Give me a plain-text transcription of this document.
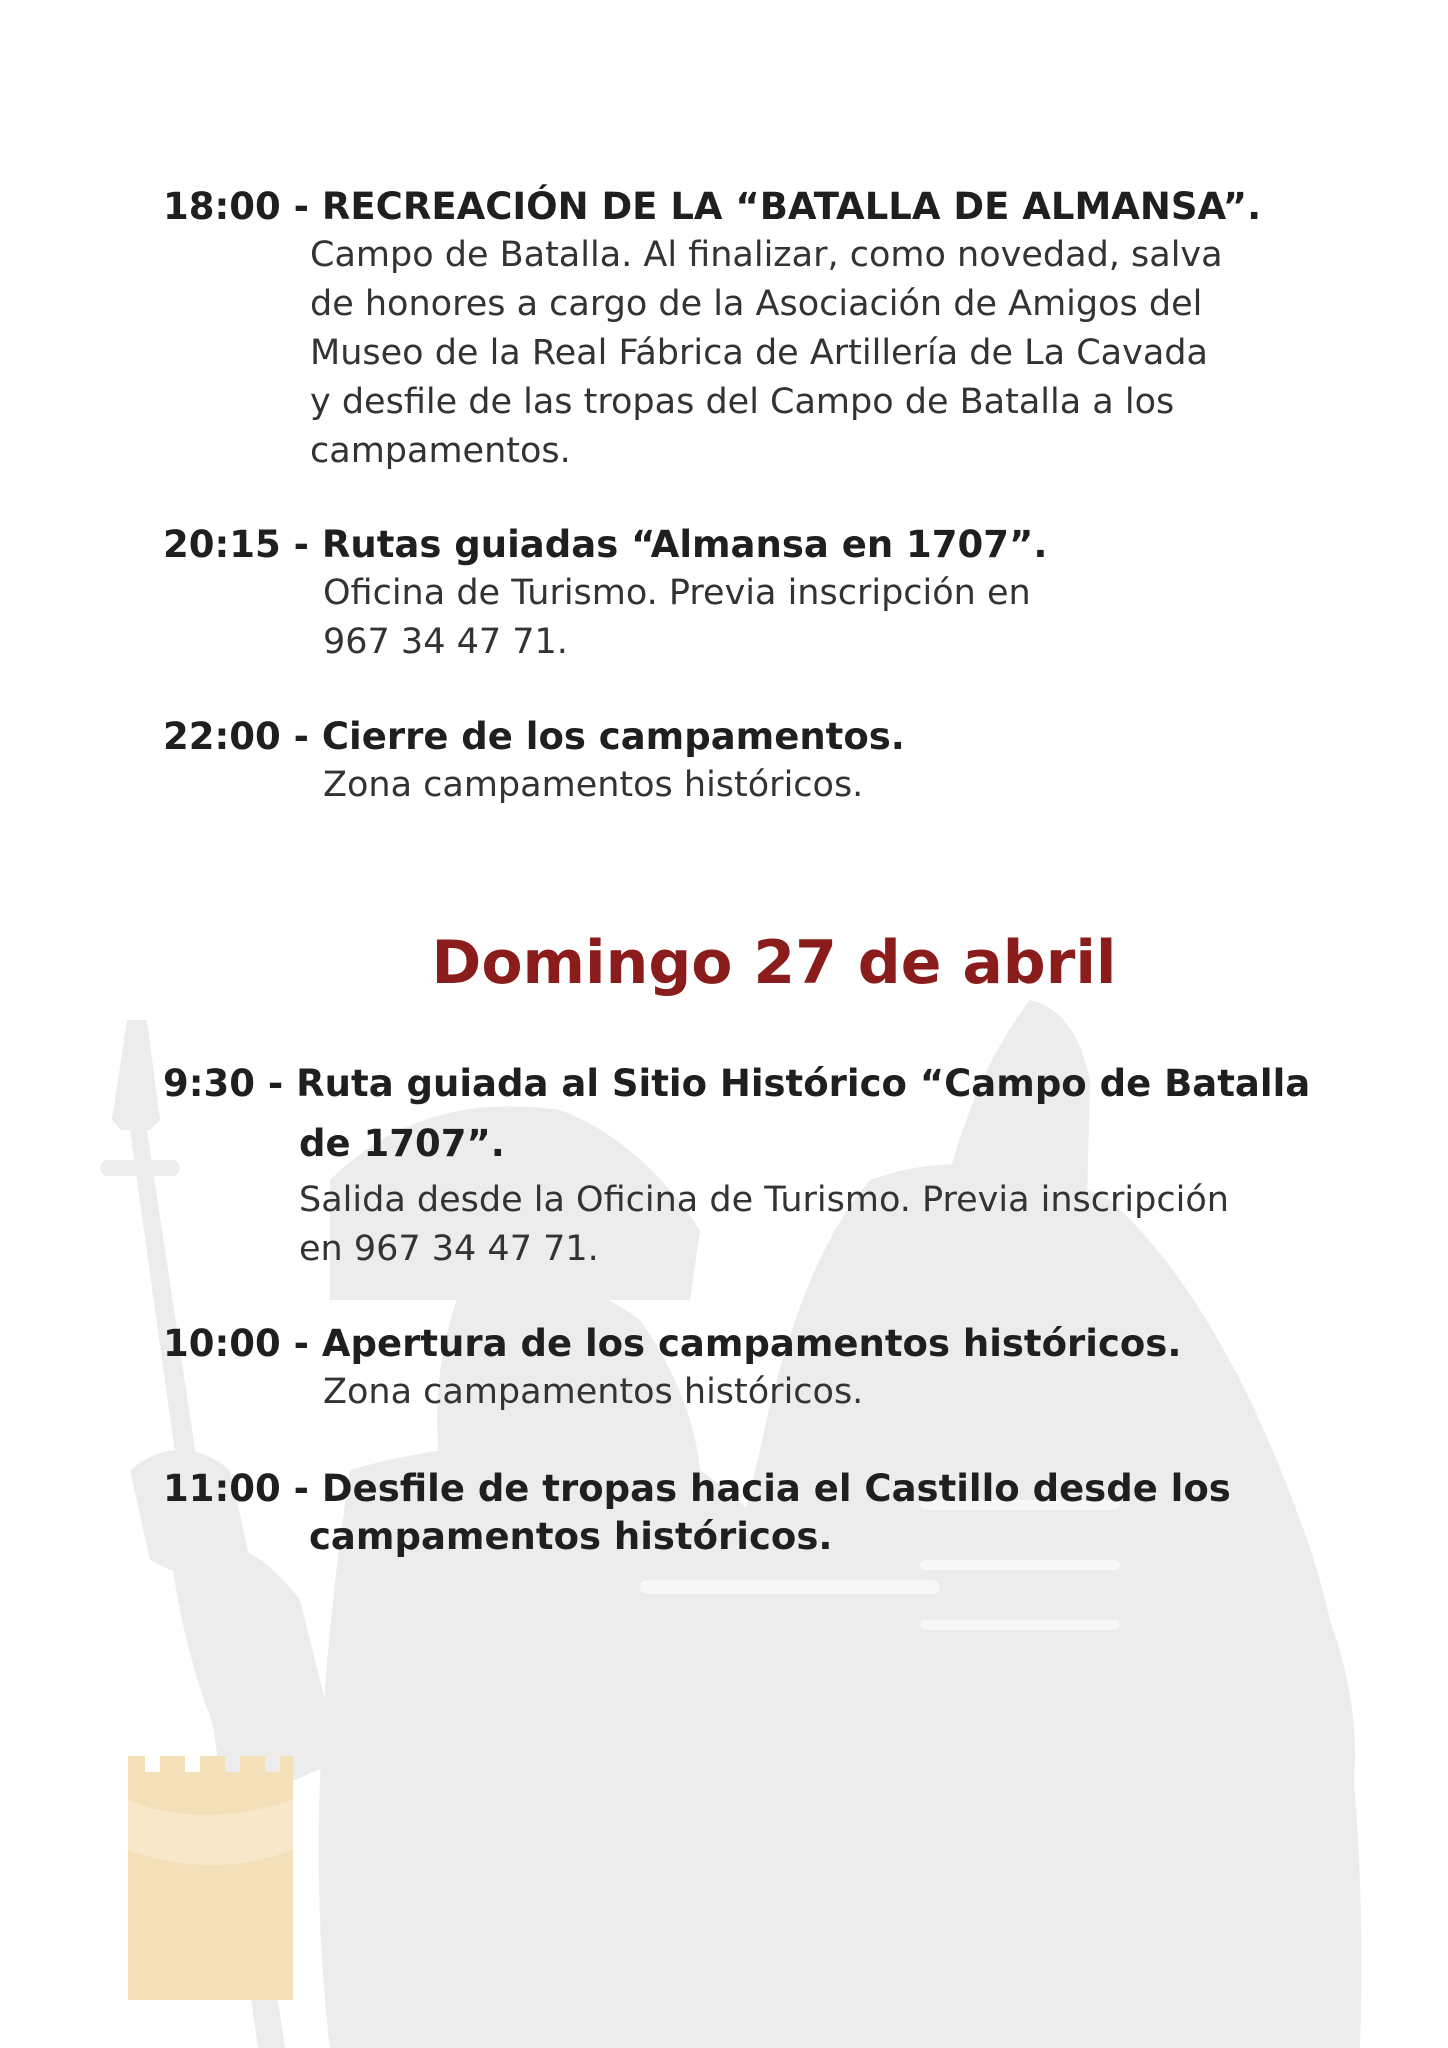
18:00 - RECREACIÓN DE LA “BATALLA DE ALMANSA”.

Campo de Batalla. Al finalizar, como novedad, salva
de honores a cargo de la Asociación de Amigos del
Museo de la Real Fábrica de Artillería de La Cavada
y desfile de las tropas del Campo de Batalla a los
campamentos.

20:15 - Rutas guiadas “Almansa en 1707”.

Oficina de Turismo. Previa inscripción en
967 34 47 71.

22:00 - Cierre de los campamentos.

Zona campamentos históricos.
Domingo 27 de abril

9:30 - Ruta guiada al Sitio Histórico “Campo de Batalla
de 1707”.

Salida desde la Oficina de Turismo. Previa inscripción
en 967 34 47 71.

10:00 - Apertura de los campamentos históricos.

Zona campamentos históricos.

11:00 - Desfile de tropas hacia el Castillo desde los
campamentos históricos.
